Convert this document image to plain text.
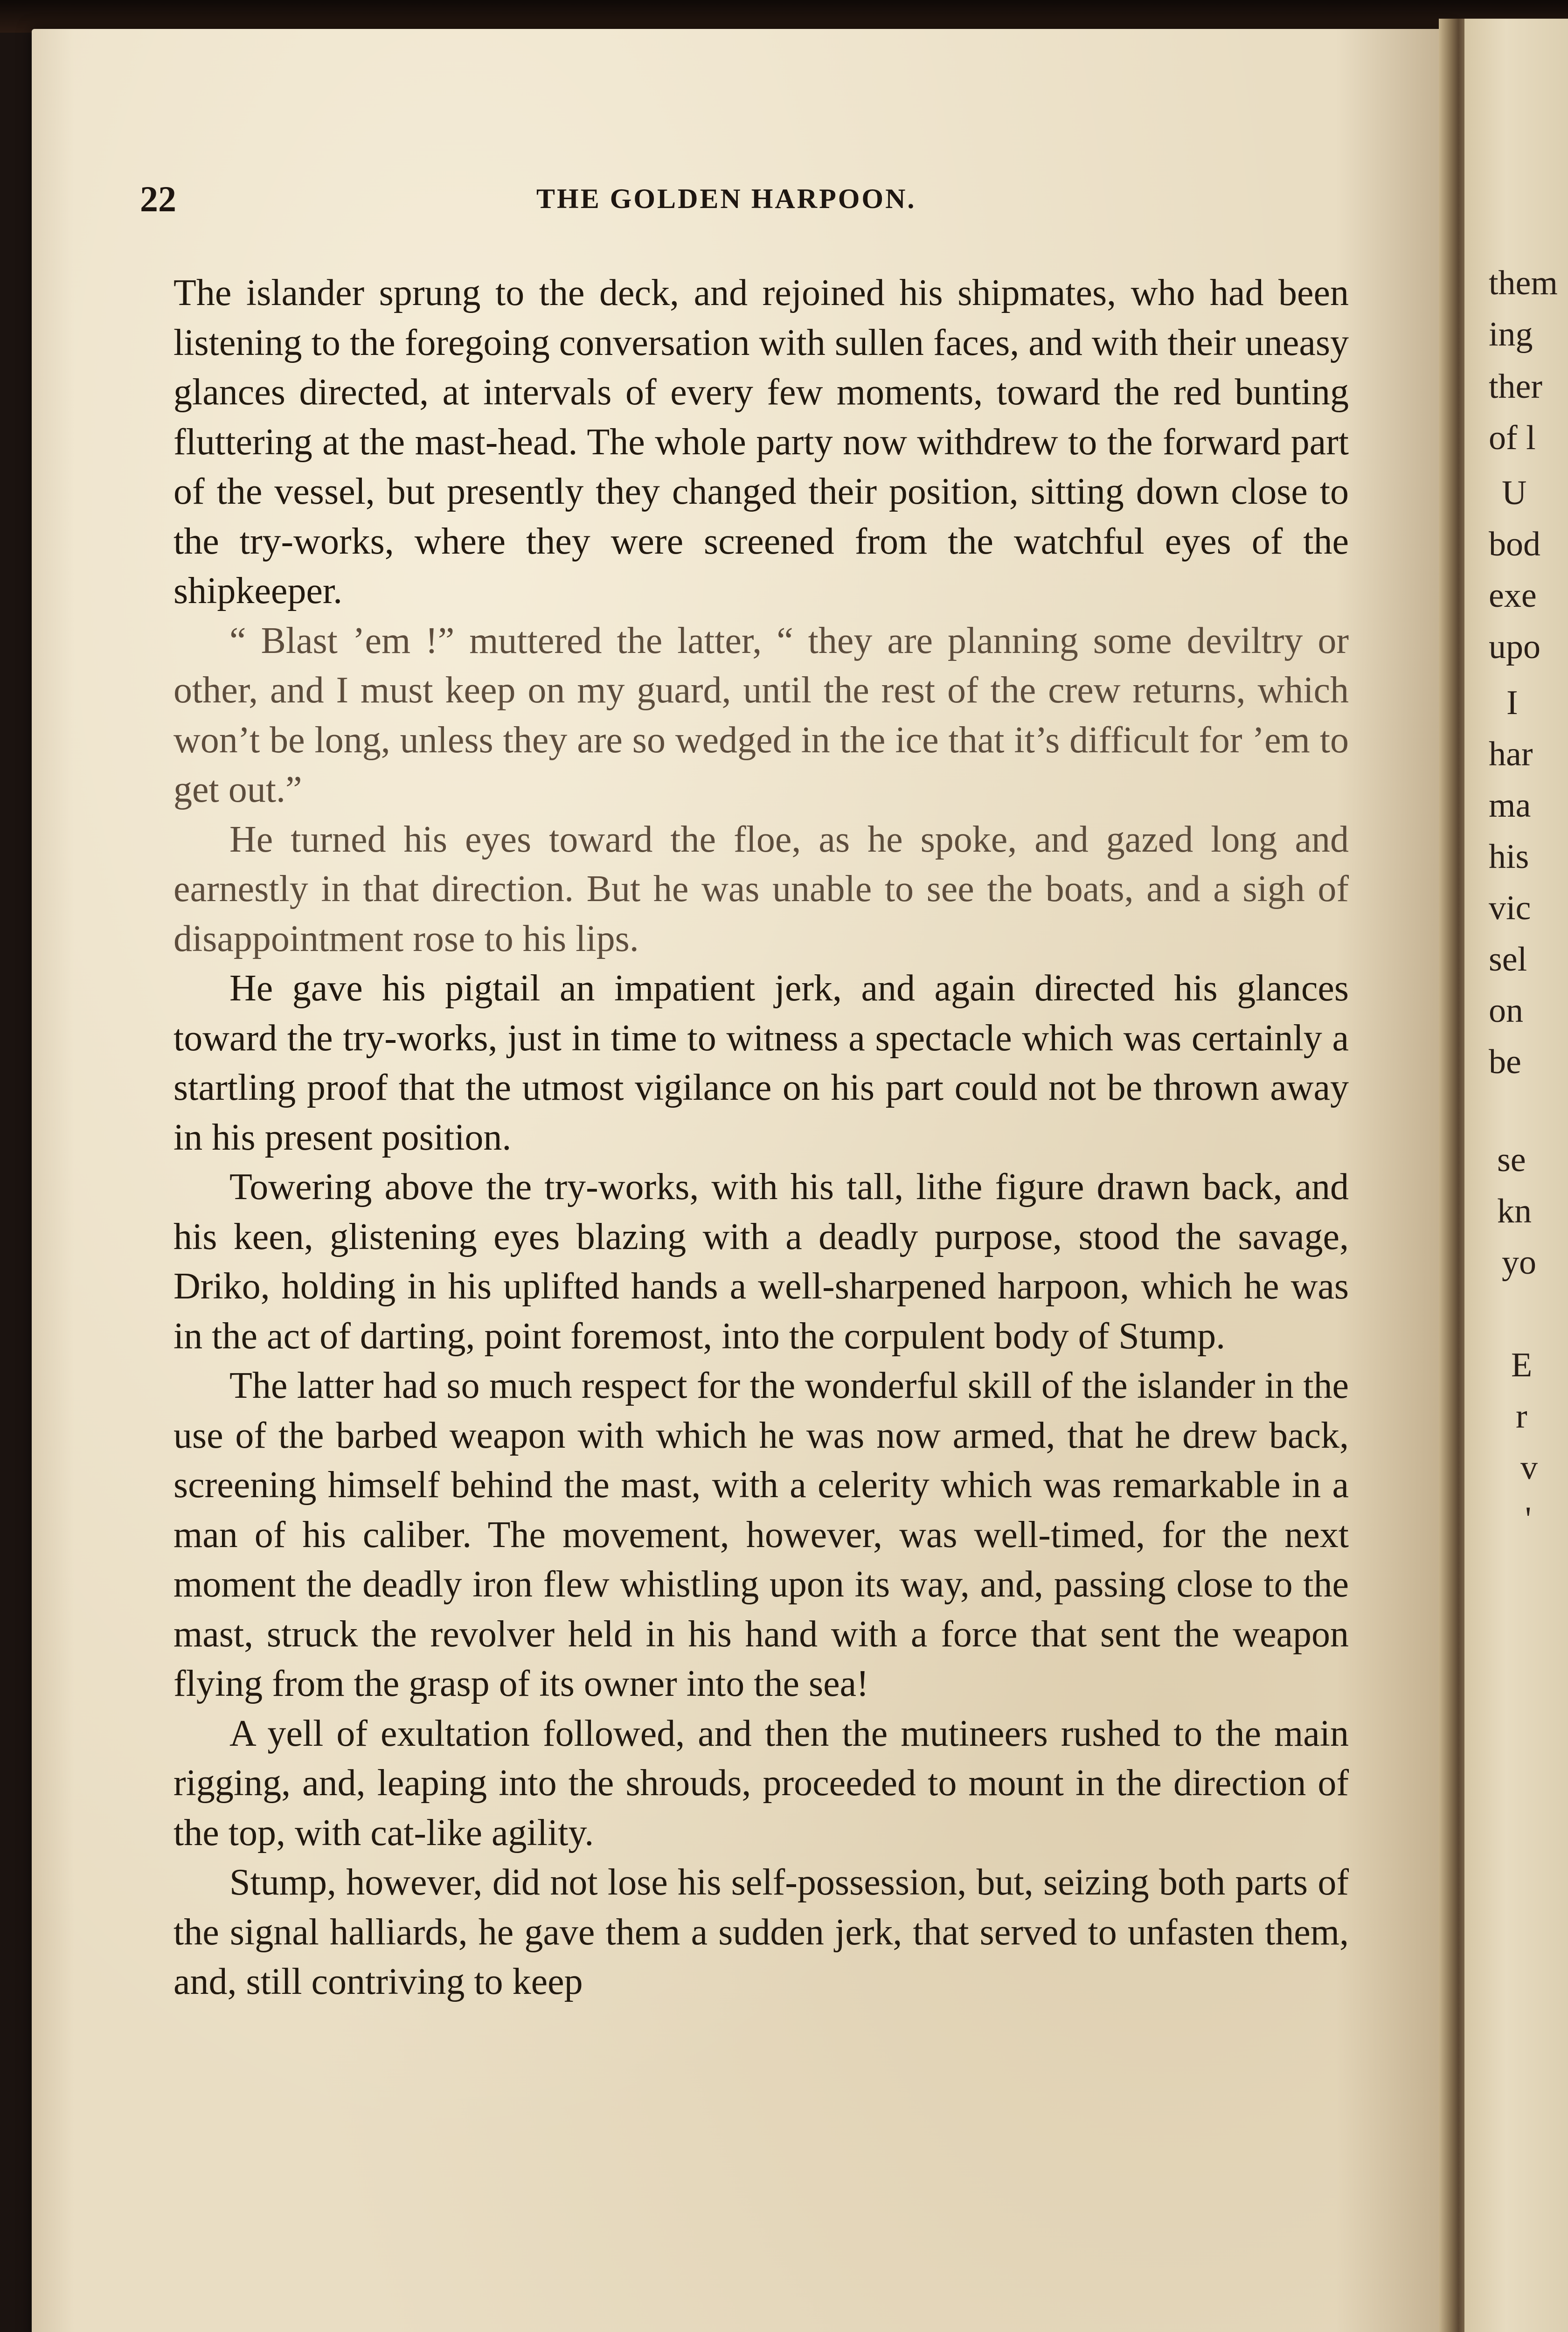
22	THE GOLDEN HARPOON.

The islander sprung to the deck, and rejoined his shipmates, who had been listening to the foregoing conversation with sullen faces, and with their uneasy glances directed, at intervals of every few moments, toward the red bunting fluttering at the mast-head. The whole party now withdrew to the forward part of the vessel, but presently they changed their position, sitting down close to the try-works, where they were screened from the watchful eyes of the shipkeeper.

“ Blast ’em !” muttered the latter, “ they are planning some deviltry or other, and I must keep on my guard, until the rest of the crew returns, which won’t be long, unless they are so wedged in the ice that it’s difficult for ’em to get out.”

He turned his eyes toward the floe, as he spoke, and gazed long and earnestly in that direction. But he was unable to see the boats, and a sigh of disappointment rose to his lips.

He gave his pigtail an impatient jerk, and again directed his glances toward the try-works, just in time to witness a spectacle which was certainly a startling proof that the utmost vigilance on his part could not be thrown away in his present position.

Towering above the try-works, with his tall, lithe figure drawn back, and his keen, glistening eyes blazing with a deadly purpose, stood the savage, Driko, holding in his uplifted hands a well-sharpened harpoon, which he was in the act of darting, point foremost, into the corpulent body of Stump.

The latter had so much respect for the wonderful skill of the islander in the use of the barbed weapon with which he was now armed, that he drew back, screening himself behind the mast, with a celerity which was remarkable in a man of his caliber. The movement, however, was well-timed, for the next moment the deadly iron flew whistling upon its way, and, passing close to the mast, struck the revolver held in his hand with a force that sent the weapon flying from the grasp of its owner into the sea!

A yell of exultation followed, and then the mutineers rushed to the main rigging, and, leaping into the shrouds, proceeded to mount in the direction of the top, with cat-like agility.

Stump, however, did not lose his self-possession, but, seizing both parts of the signal halliards, he gave them a sudden jerk, that served to unfasten them, and, still contriving to keep

them
ing
ther
of l
U
bod
exe
upo
I
har
ma
his
vic
sel
on
be
se
kn
yo
E
r
v
'
